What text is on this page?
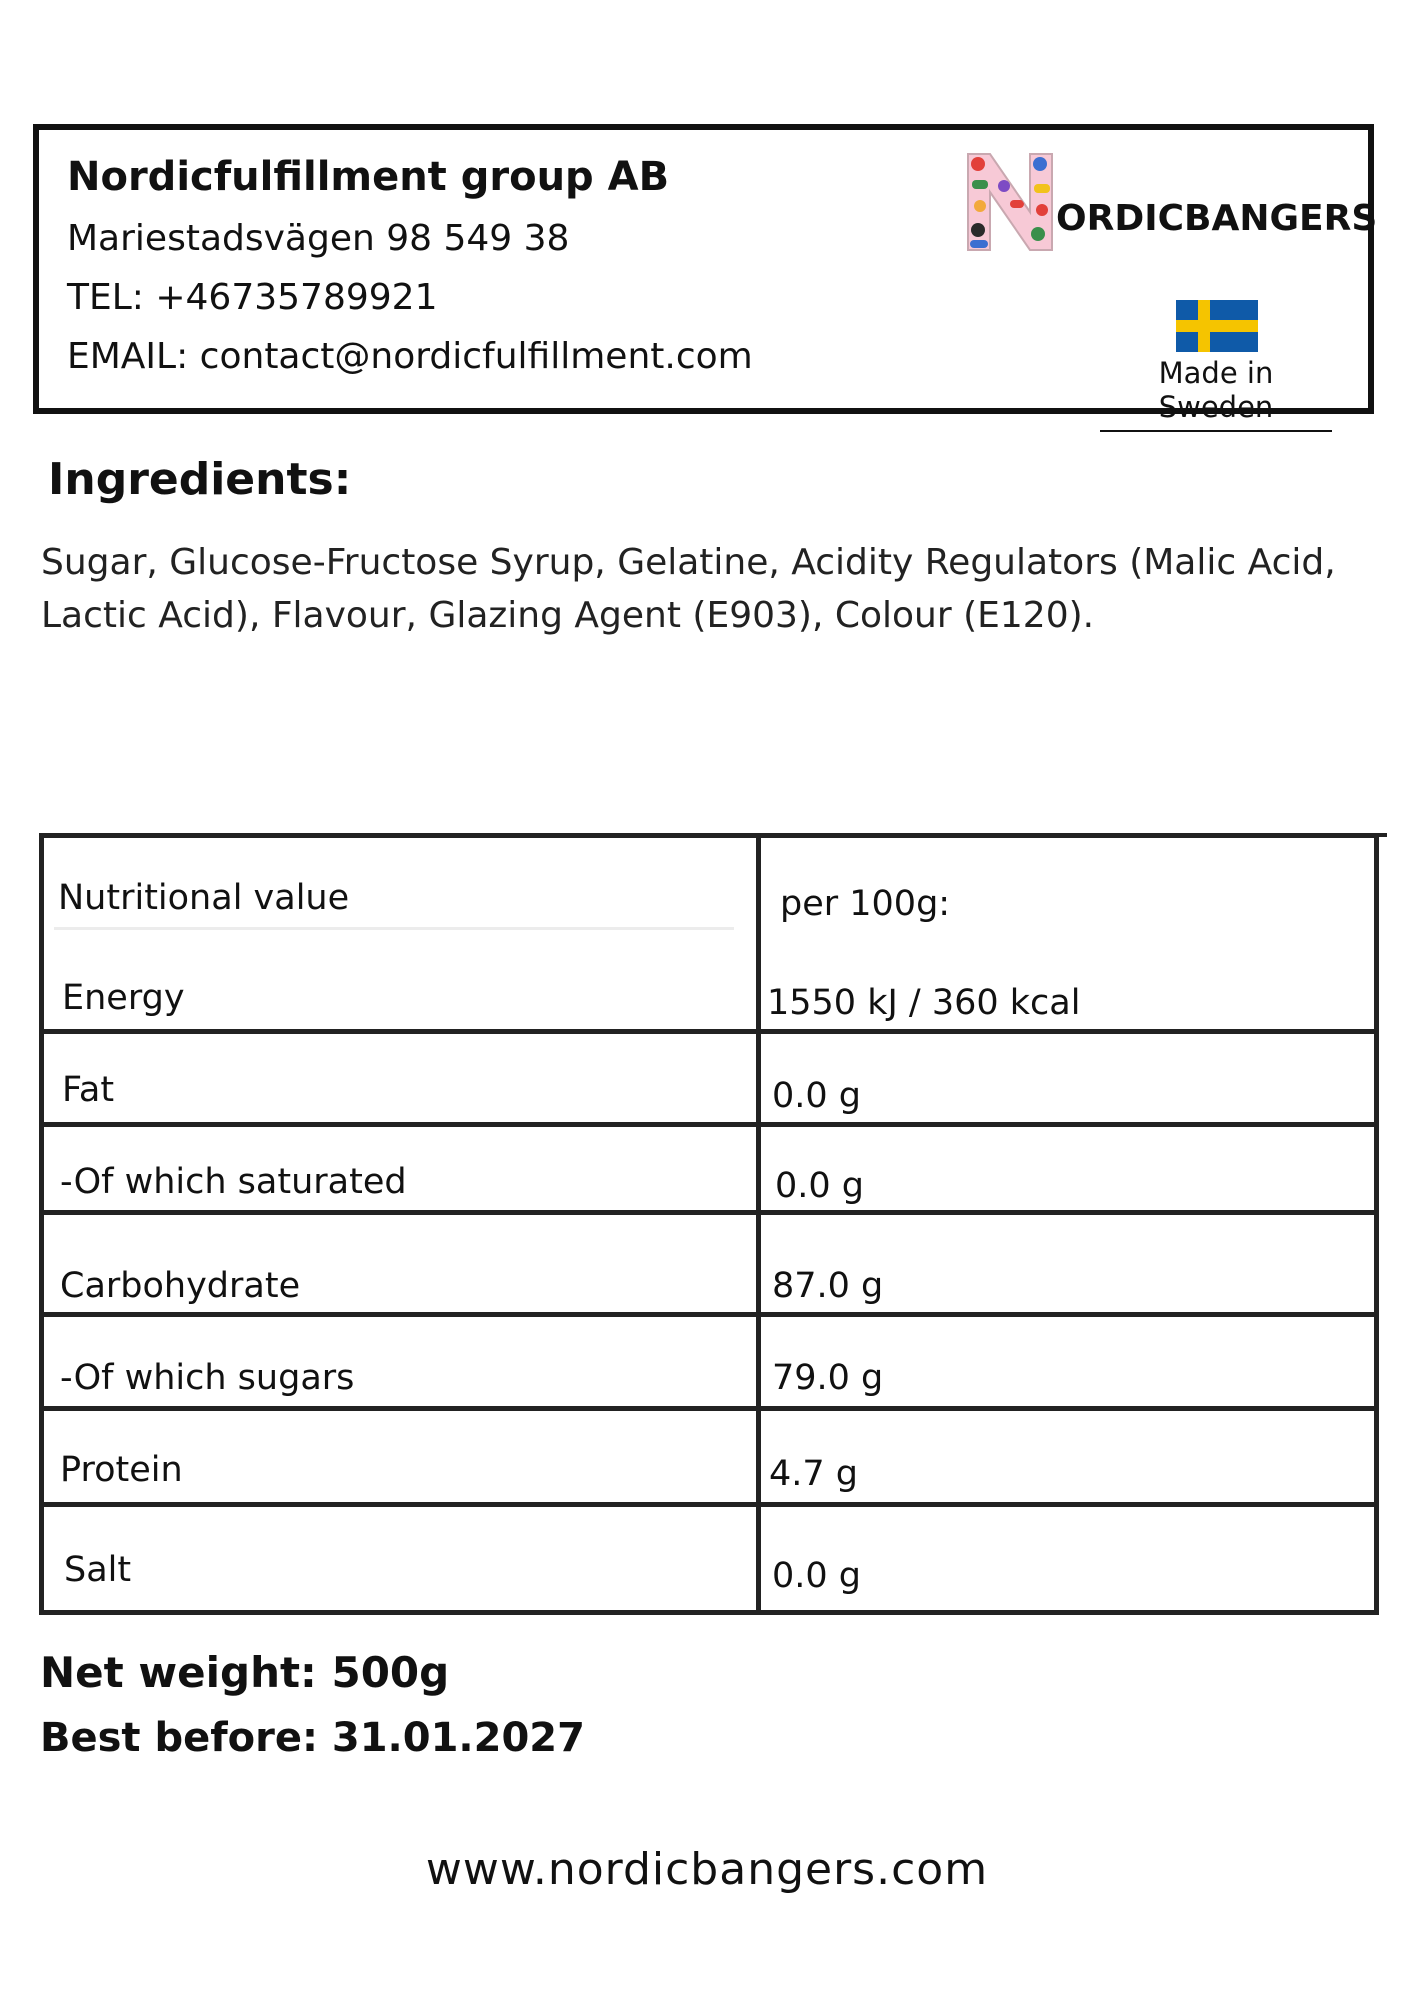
Nordicfulfillment group AB
Mariestadsvägen 98 549 38
TEL: +46735789921
EMAIL: contact@nordicfulfillment.com
ORDICBANGERS
Made in Sweden
Ingredients:
Sugar, Glucose-Fructose Syrup, Gelatine, Acidity Regulators (Malic Acid, Lactic Acid), Flavour, Glazing Agent (E903), Colour (E120).
Nutritional value	per 100g:
Energy	1550 kJ / 360 kcal
Fat	0.0 g
-Of which saturated	0.0 g
Carbohydrate	87.0 g
-Of which sugars	79.0 g
Protein	4.7 g
Salt	0.0 g
Net weight: 500g
Best before: 31.01.2027
www.nordicbangers.com
